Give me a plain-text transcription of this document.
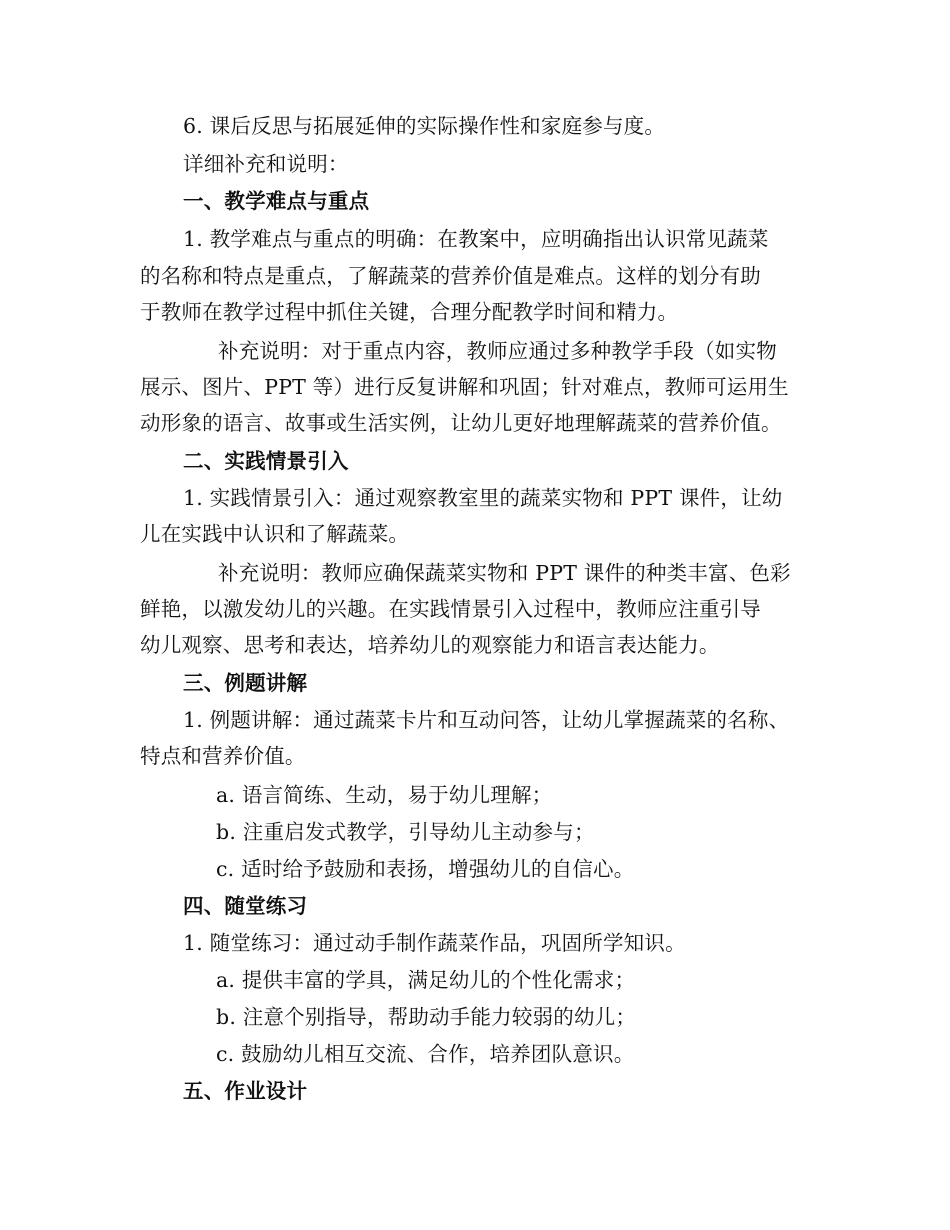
6. 课后反思与拓展延伸的实际操作性和家庭参与度。
详细补充和说明：
一、教学难点与重点
1. 教学难点与重点的明确：在教案中，应明确指出认识常见蔬菜
的名称和特点是重点，了解蔬菜的营养价值是难点。这样的划分有助
于教师在教学过程中抓住关键，合理分配教学时间和精力。
补充说明：对于重点内容，教师应通过多种教学手段（如实物
展示、图片、PPT 等）进行反复讲解和巩固；针对难点，教师可运用生
动形象的语言、故事或生活实例，让幼儿更好地理解蔬菜的营养价值。
二、实践情景引入
1. 实践情景引入：通过观察教室里的蔬菜实物和 PPT 课件，让幼
儿在实践中认识和了解蔬菜。
补充说明：教师应确保蔬菜实物和 PPT 课件的种类丰富、色彩
鲜艳，以激发幼儿的兴趣。在实践情景引入过程中，教师应注重引导
幼儿观察、思考和表达，培养幼儿的观察能力和语言表达能力。
三、例题讲解
1. 例题讲解：通过蔬菜卡片和互动问答，让幼儿掌握蔬菜的名称、
特点和营养价值。
a. 语言简练、生动，易于幼儿理解；
b. 注重启发式教学，引导幼儿主动参与；
c. 适时给予鼓励和表扬，增强幼儿的自信心。
四、随堂练习
1. 随堂练习：通过动手制作蔬菜作品，巩固所学知识。
a. 提供丰富的学具，满足幼儿的个性化需求；
b. 注意个别指导，帮助动手能力较弱的幼儿；
c. 鼓励幼儿相互交流、合作，培养团队意识。
五、作业设计
